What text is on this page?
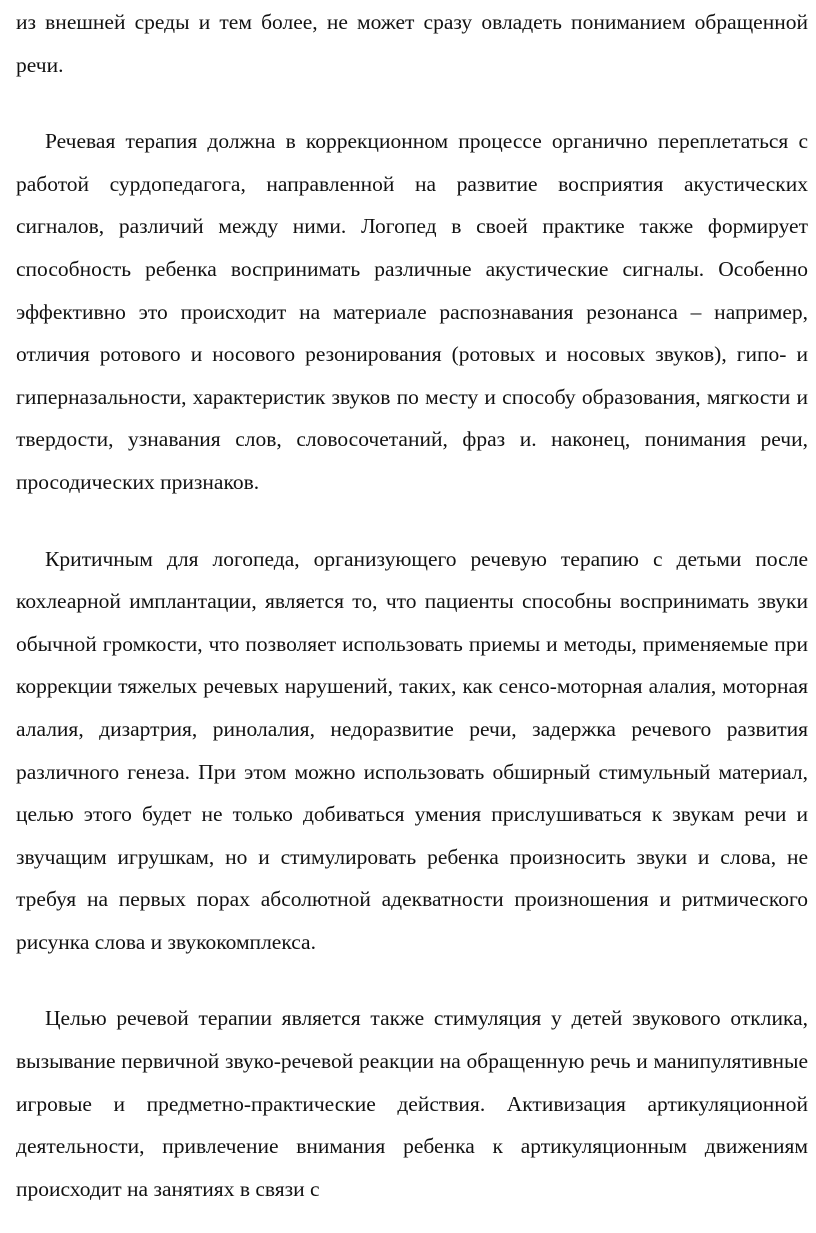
из внешней среды и тем более, не может сразу овладеть пониманием обращенной речи.

Речевая терапия должна в коррекционном процессе органично переплетаться с работой сурдопедагога, направленной на развитие восприятия акустических сигналов, различий между ними. Логопед в своей практике также формирует способность ребенка воспринимать различные акустические сигналы. Особенно эффективно это происходит на материале распознавания резонанса – например, отличия ротового и носового резонирования (ротовых и носовых звуков), гипо- и гиперназальности, характеристик звуков по месту и способу образования, мягкости и твердости, узнавания слов, словосочетаний, фраз и. наконец, понимания речи, просодических признаков.

Критичным для логопеда, организующего речевую терапию с детьми после кохлеарной имплантации, является то, что пациенты способны воспринимать звуки обычной громкости, что позволяет использовать приемы и методы, применяемые при коррекции тяжелых речевых нарушений, таких, как сенсо-моторная алалия, моторная алалия, дизартрия, ринолалия, недоразвитие речи, задержка речевого развития различного генеза. При этом можно использовать обширный стимульный материал, целью этого будет не только добиваться умения прислушиваться к звукам речи и звучащим игрушкам, но и стимулировать ребенка произносить звуки и слова, не требуя на первых порах абсолютной адекватности произношения и ритмического рисунка слова и звукокомплекса.

Целью речевой терапии является также стимуляция у детей звукового отклика, вызывание первичной звуко-речевой реакции на обращенную речь и манипулятивные игровые и предметно-практические действия. Активизация артикуляционной деятельности, привлечение внимания ребенка к артикуляционным движениям происходит на занятиях в связи с
